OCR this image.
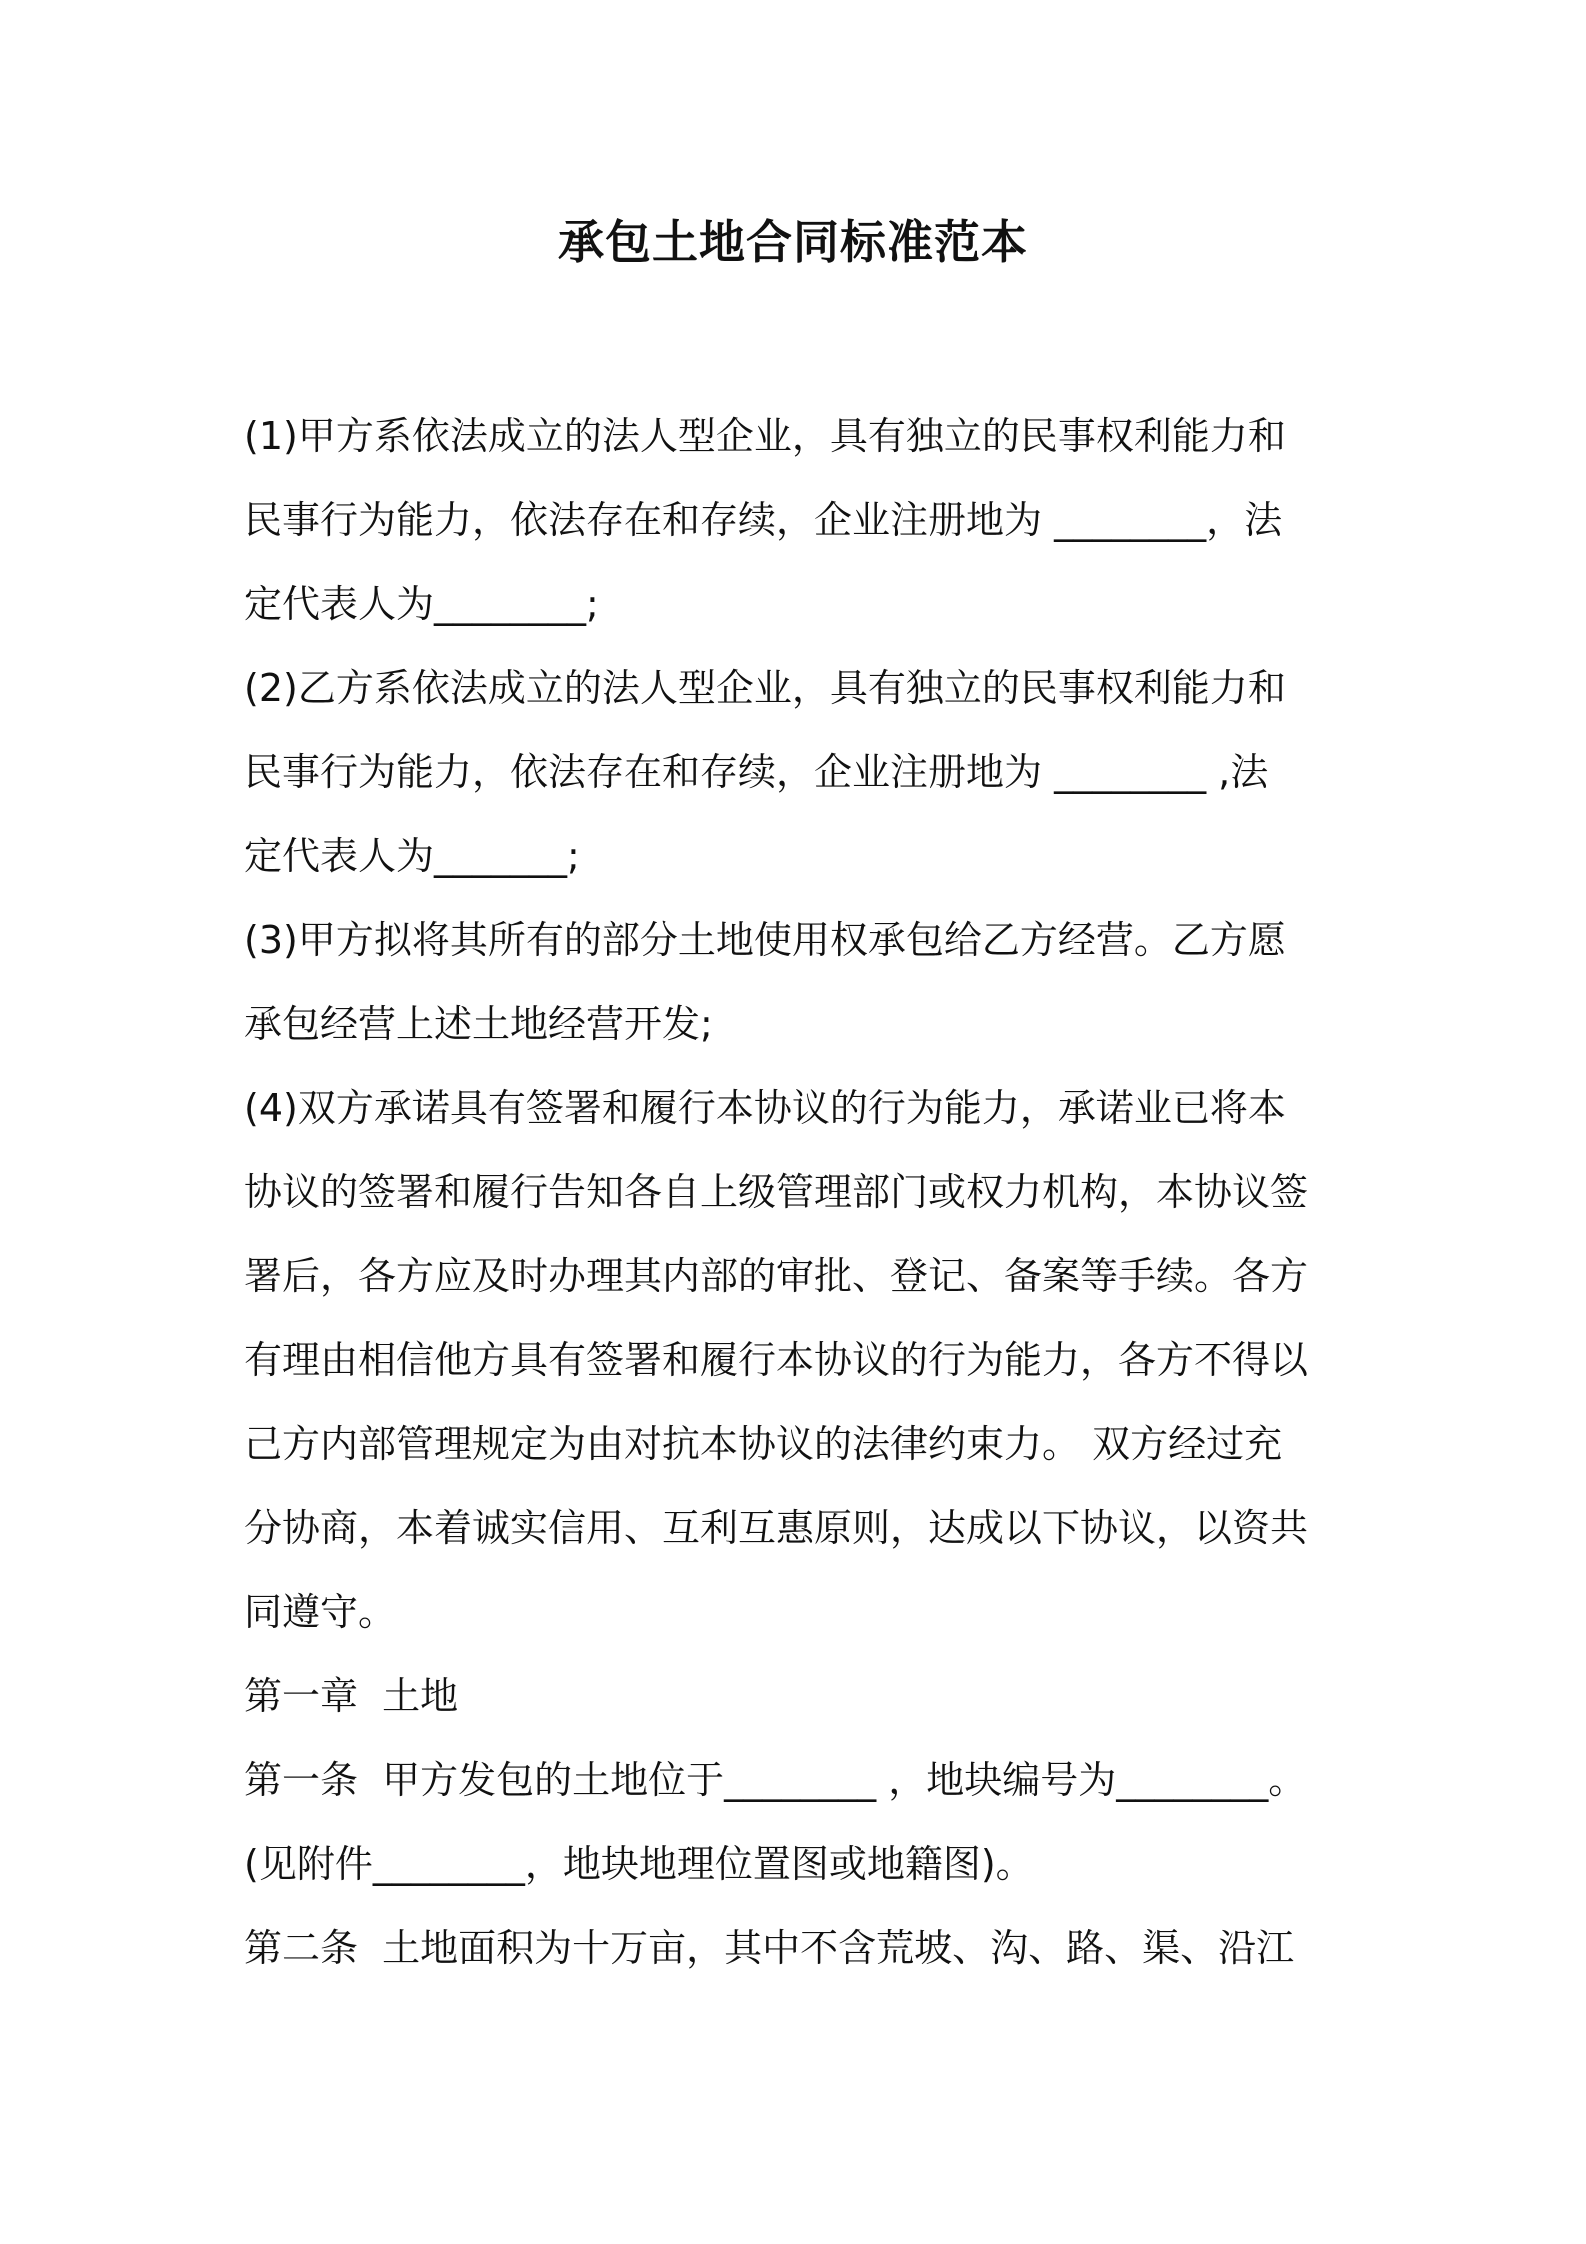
承包土地合同标准范本
(1)甲方系依法成立的法人型企业，具有独立的民事权利能力和
民事行为能力，依法存在和存续，企业注册地为 ________，法
定代表人为________;
(2)乙方系依法成立的法人型企业，具有独立的民事权利能力和
民事行为能力，依法存在和存续，企业注册地为 ________ ,法
定代表人为_______;
(3)甲方拟将其所有的部分土地使用权承包给乙方经营。乙方愿
承包经营上述土地经营开发;
(4)双方承诺具有签署和履行本协议的行为能力，承诺业已将本
协议的签署和履行告知各自上级管理部门或权力机构，本协议签
署后，各方应及时办理其内部的审批、登记、备案等手续。各方
有理由相信他方具有签署和履行本协议的行为能力，各方不得以
己方内部管理规定为由对抗本协议的法律约束力。 双方经过充
分协商，本着诚实信用、互利互惠原则，达成以下协议，以资共
同遵守。
第一章  土地
第一条  甲方发包的土地位于________ ，地块编号为________。
(见附件________，地块地理位置图或地籍图)。
第二条  土地面积为十万亩，其中不含荒坡、沟、路、渠、沿江
